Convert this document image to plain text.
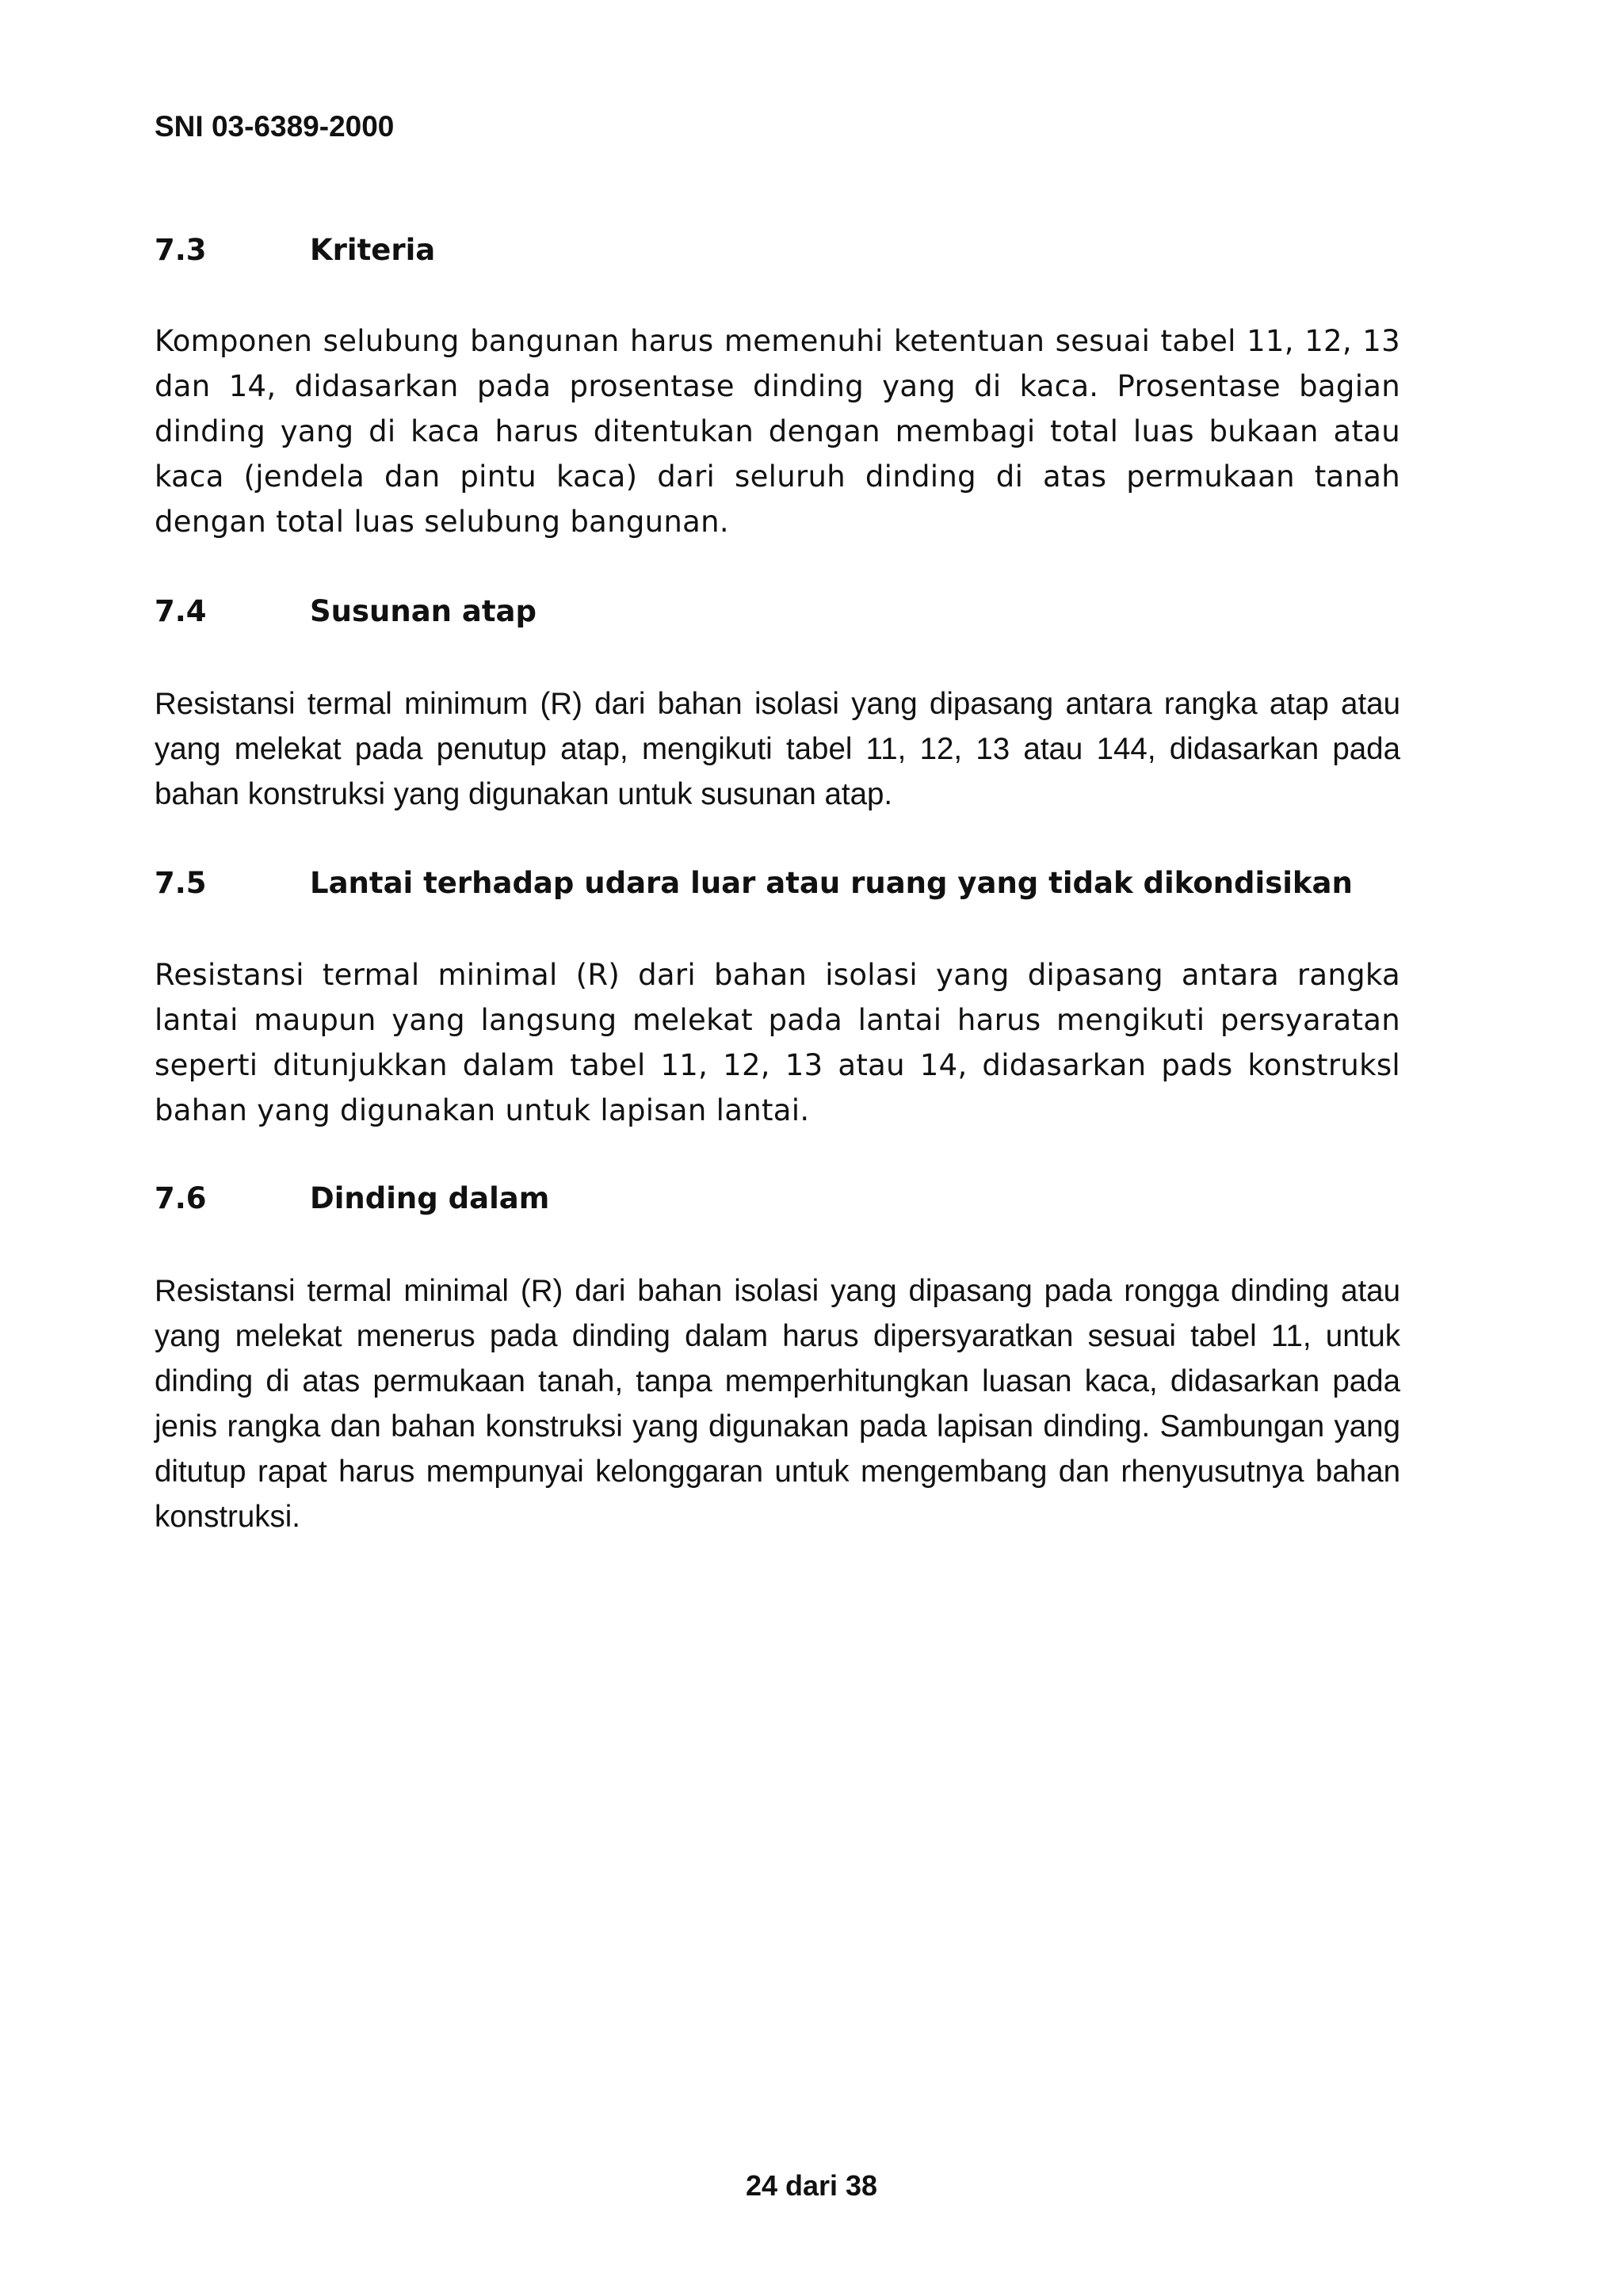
SNI 03-6389-2000
7.3	Kriteria
Komponen selubung bangunan harus memenuhi ketentuan sesuai tabel 11, 12, 13 dan 14, didasarkan pada prosentase dinding yang di kaca. Prosentase bagian dinding yang di kaca harus ditentukan dengan membagi total luas bukaan atau kaca (jendela dan pintu kaca) dari seluruh dinding di atas permukaan tanah dengan total luas selubung bangunan.
7.4	Susunan atap
Resistansi termal minimum (R) dari bahan isolasi yang dipasang antara rangka atap atau yang melekat pada penutup atap, mengikuti tabel 11, 12, 13 atau 144, didasarkan pada bahan konstruksi yang digunakan untuk susunan atap.
7.5	Lantai terhadap udara luar atau ruang yang tidak dikondisikan
Resistansi termal minimal (R) dari bahan isolasi yang dipasang antara rangka lantai maupun yang langsung melekat pada lantai harus mengikuti persyaratan seperti ditunjukkan dalam tabel 11, 12, 13 atau 14, didasarkan pads konstruksl bahan yang digunakan untuk lapisan lantai.
7.6	Dinding dalam
Resistansi termal minimal (R) dari bahan isolasi yang dipasang pada rongga dinding atau yang melekat menerus pada dinding dalam harus dipersyaratkan sesuai tabel 11, untuk dinding di atas permukaan tanah, tanpa memperhitungkan luasan kaca, didasarkan pada jenis rangka dan bahan konstruksi yang digunakan pada lapisan dinding. Sambungan yang ditutup rapat harus mempunyai kelonggaran untuk mengembang dan rhenyusutnya bahan konstruksi.
24 dari 38
